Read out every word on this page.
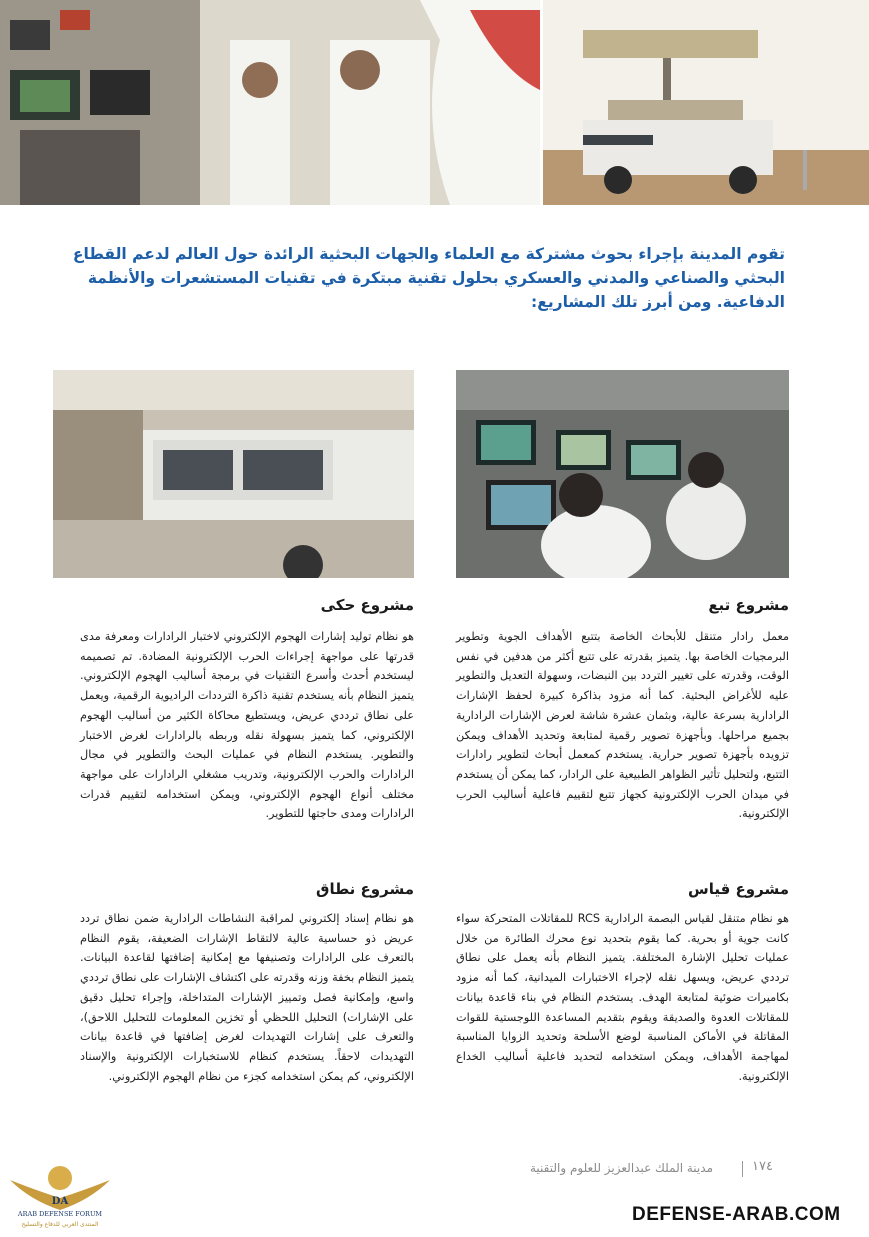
تقوم المدينة بإجراء بحوث مشتركة مع العلماء والجهات البحثية الرائدة حول العالم لدعم القطاع البحثي والصناعي والمدني والعسكري بحلول تقنية مبتكرة في تقنيات المستشعرات والأنظمة الدفاعية. ومن أبرز تلك المشاريع:

مشروع تبع

معمل رادار متنقل للأبحاث الخاصة بتتبع الأهداف الجوية وتطوير البرمجيات الخاصة بها. يتميز بقدرته على تتبع أكثر من هدفين في نفس الوقت، وقدرته على تغيير التردد بين النبضات، وسهولة التعديل والتطوير عليه للأغراض البحثية. كما أنه مزود بذاكرة كبيرة لحفظ الإشارات الرادارية بسرعة عالية، وبثمان عشرة شاشة لعرض الإشارات الرادارية بجميع مراحلها. وبأجهزة تصوير رقمية لمتابعة وتحديد الأهداف ويمكن تزويده بأجهزة تصوير حرارية. يستخدم كمعمل أبحاث لتطوير رادارات التتبع، ولتحليل تأثير الظواهر الطبيعية على الرادار، كما يمكن أن يستخدم في ميدان الحرب الإلكترونية كجهاز تتبع لتقييم فاعلية أساليب الحرب الإلكترونية.

مشروع قياس

هو نظام متنقل لقياس البصمة الرادارية RCS للمقاتلات المتحركة سواء كانت جوية أو بحرية. كما يقوم بتحديد نوع محرك الطائرة من خلال عمليات تحليل الإشارة المختلفة. يتميز النظام بأنه يعمل على نطاق ترددي عريض، ويسهل نقله لإجراء الاختبارات الميدانية، كما أنه مزود بكاميرات ضوئية لمتابعة الهدف. يستخدم النظام في بناء قاعدة بيانات للمقاتلات العدوة والصديقة ويقوم بتقديم المساعدة اللوجستية للقوات المقاتلة في الأماكن المناسبة لوضع الأسلحة وتحديد الزوايا المناسبة لمهاجمة الأهداف، ويمكن استخدامه لتحديد فاعلية أساليب الخداع الإلكترونية.

مشروع حكى

هو نظام توليد إشارات الهجوم الإلكتروني لاختبار الرادارات ومعرفة مدى قدرتها على مواجهة إجراءات الحرب الإلكترونية المضادة. تم تصميمه ليستخدم أحدث وأسرع التقنيات في برمجة أساليب الهجوم الإلكتروني. يتميز النظام بأنه يستخدم تقنية ذاكرة الترددات الراديوية الرقمية، ويعمل على نطاق ترددي عريض، ويستطيع محاكاة الكثير من أساليب الهجوم الإلكتروني، كما يتميز بسهولة نقله وربطه بالرادارات لغرض الاختبار والتطوير. يستخدم النظام في عمليات البحث والتطوير في مجال الرادارات والحرب الإلكترونية، وتدريب مشغلي الرادارات على مواجهة مختلف أنواع الهجوم الإلكتروني، ويمكن استخدامه لتقييم قدرات الرادارات ومدى حاجتها للتطوير.

مشروع نطاق

هو نظام إسناد إلكتروني لمراقبة النشاطات الرادارية ضمن نطاق تردد عريض ذو حساسية عالية لالتقاط الإشارات الضعيفة، يقوم النظام بالتعرف على الرادارات وتصنيفها مع إمكانية إضافتها لقاعدة البيانات. يتميز النظام بخفة وزنه وقدرته على اكتشاف الإشارات على نطاق ترددي واسع، وإمكانية فصل وتمييز الإشارات المتداخلة، وإجراء تحليل دقيق على الإشارات) التحليل اللحظي أو تخزين المعلومات للتحليل اللاحق)، والتعرف على إشارات التهديدات لغرض إضافتها في قاعدة بيانات التهديدات لاحقاً. يستخدم كنظام للاستخبارات الإلكترونية والإسناد الإلكتروني، كم يمكن استخدامه كجزء من نظام الهجوم الإلكتروني.

مدينة الملك عبدالعزيز للعلوم والتقنية	١٧٤
DA
ARAB DEFENSE FORUM
المنتدى العربي للدفاع والتسليح	DEFENSE-ARAB.COM
